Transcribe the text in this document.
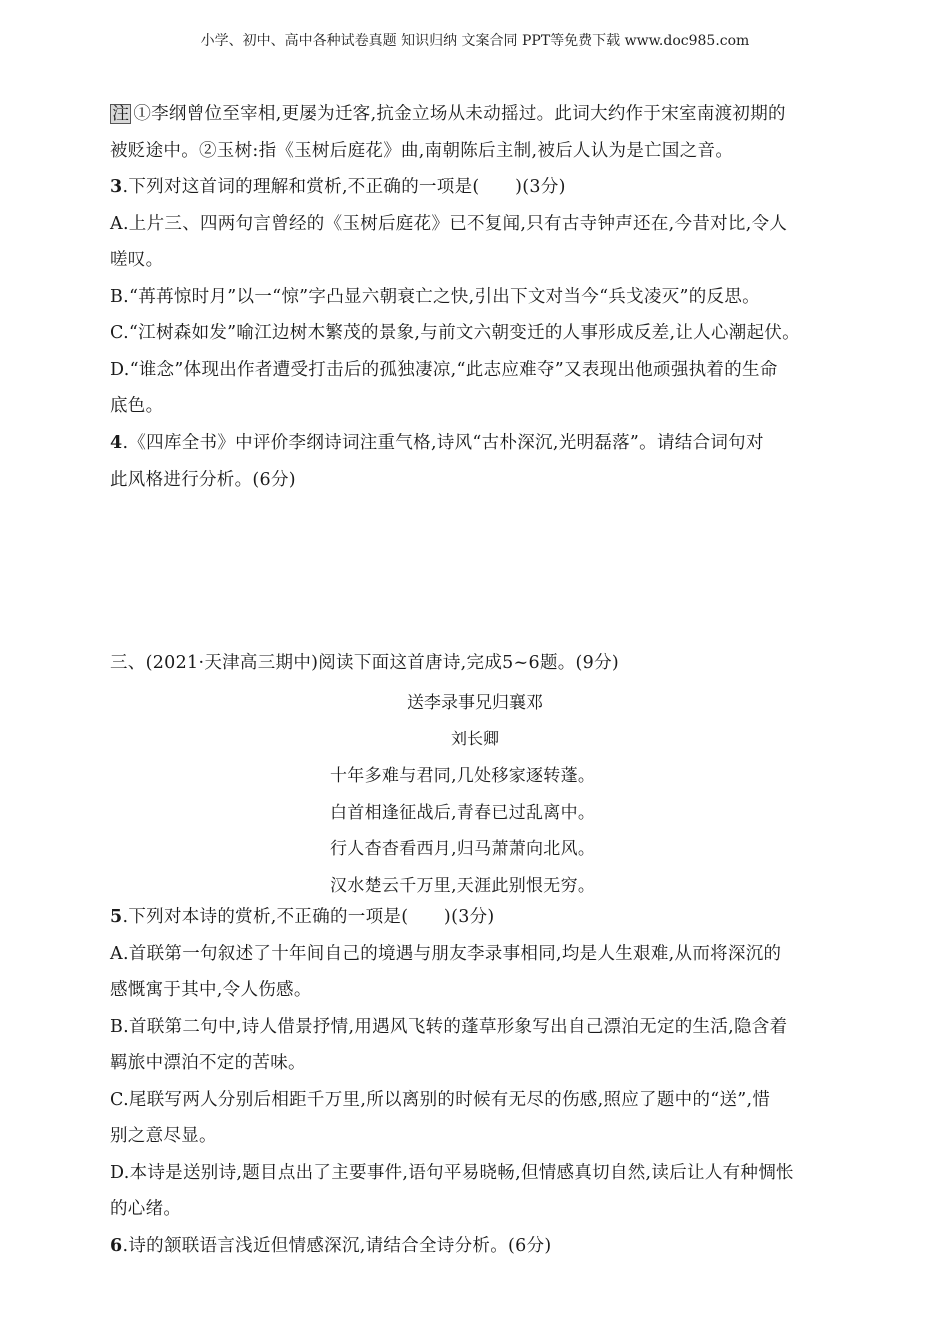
小学、初中、高中各种试卷真题 知识归纳 文案合同 PPT等免费下载 www.doc985.com
注 ①李纲曾位至宰相,更屡为迁客,抗金立场从未动摇过。此词大约作于宋室南渡初期的
被贬途中。②玉树:指《玉树后庭花》曲,南朝陈后主制,被后人认为是亡国之音。
3.下列对这首词的理解和赏析,不正确的一项是(　　)(3分)
A.上片三、四两句言曾经的《玉树后庭花》已不复闻,只有古寺钟声还在,今昔对比,令人
嗟叹。
B.“苒苒惊时月”以一“惊”字凸显六朝衰亡之快,引出下文对当今“兵戈凌灭”的反思。
C.“江树森如发”喻江边树木繁茂的景象,与前文六朝变迁的人事形成反差,让人心潮起伏。
D.“谁念”体现出作者遭受打击后的孤独凄凉,“此志应难夺”又表现出他顽强执着的生命
底色。
4.《四库全书》中评价李纲诗词注重气格,诗风“古朴深沉,光明磊落”。请结合词句对
此风格进行分析。(6分)
三、(2021·天津高三期中)阅读下面这首唐诗,完成5~6题。(9分)
送李录事兄归襄邓
刘长卿
十年多难与君同,几处移家逐转蓬。
白首相逢征战后,青春已过乱离中。
行人杳杳看西月,归马萧萧向北风。
汉水楚云千万里,天涯此别恨无穷。
5.下列对本诗的赏析,不正确的一项是(　　)(3分)
A.首联第一句叙述了十年间自己的境遇与朋友李录事相同,均是人生艰难,从而将深沉的
感慨寓于其中,令人伤感。
B.首联第二句中,诗人借景抒情,用遇风飞转的蓬草形象写出自己漂泊无定的生活,隐含着
羁旅中漂泊不定的苦味。
C.尾联写两人分别后相距千万里,所以离别的时候有无尽的伤感,照应了题中的“送”,惜
别之意尽显。
D.本诗是送别诗,题目点出了主要事件,语句平易晓畅,但情感真切自然,读后让人有种惆怅
的心绪。
6.诗的颔联语言浅近但情感深沉,请结合全诗分析。(6分)
